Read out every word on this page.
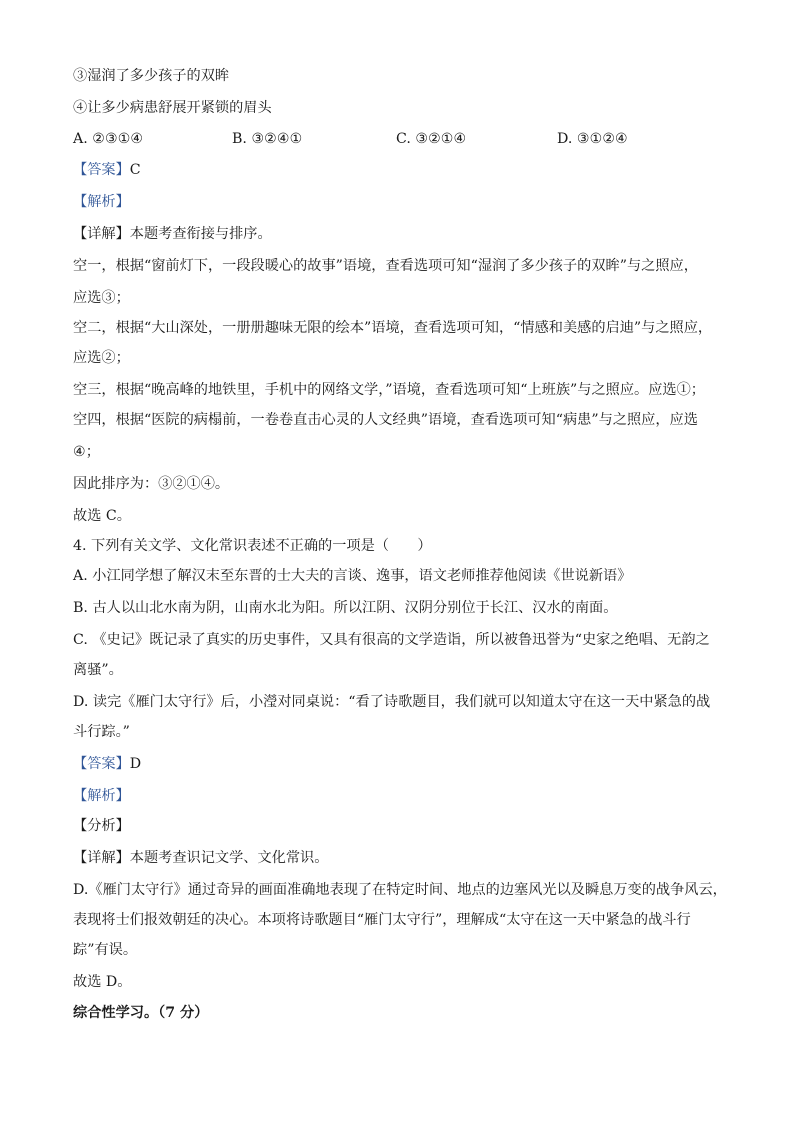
③湿润了多少孩子的双眸
④让多少病患舒展开紧锁的眉头
A. ②③①④	B. ③②④①	C. ③②①④	D. ③①②④
【答案】C
【解析】
【详解】本题考查衔接与排序。
空一，根据“窗前灯下，一段段暖心的故事”语境，查看选项可知“湿润了多少孩子的双眸”与之照应，
应选③；
空二，根据“大山深处，一册册趣味无限的绘本”语境，查看选项可知，“情感和美感的启迪”与之照应，
应选②；
空三，根据“晚高峰的地铁里，手机中的网络文学，”语境，查看选项可知“上班族”与之照应。应选①；
空四，根据“医院的病榻前，一卷卷直击心灵的人文经典”语境，查看选项可知“病患”与之照应，应选
④；
因此排序为：③②①④。
故选 C。
4. 下列有关文学、文化常识表述不正确的一项是（　　）
A. 小江同学想了解汉末至东晋的士大夫的言谈、逸事，语文老师推荐他阅读《世说新语》
B. 古人以山北水南为阴，山南水北为阳。所以江阴、汉阴分别位于长江、汉水的南面。
C. 《史记》既记录了真实的历史事件，又具有很高的文学造诣，所以被鲁迅誉为“史家之绝唱、无韵之
离骚”。
D. 读完《雁门太守行》后，小瀅对同桌说：“看了诗歌题目，我们就可以知道太守在这一天中紧急的战
斗行踪。”
【答案】D
【解析】
【分析】
【详解】本题考查识记文学、文化常识。
D.《雁门太守行》通过奇异的画面准确地表现了在特定时间、地点的边塞风光以及瞬息万变的战争风云，
表现将士们报效朝廷的决心。本项将诗歌题目“雁门太守行”，理解成“太守在这一天中紧急的战斗行
踪”有误。
故选 D。
综合性学习。（7 分）
